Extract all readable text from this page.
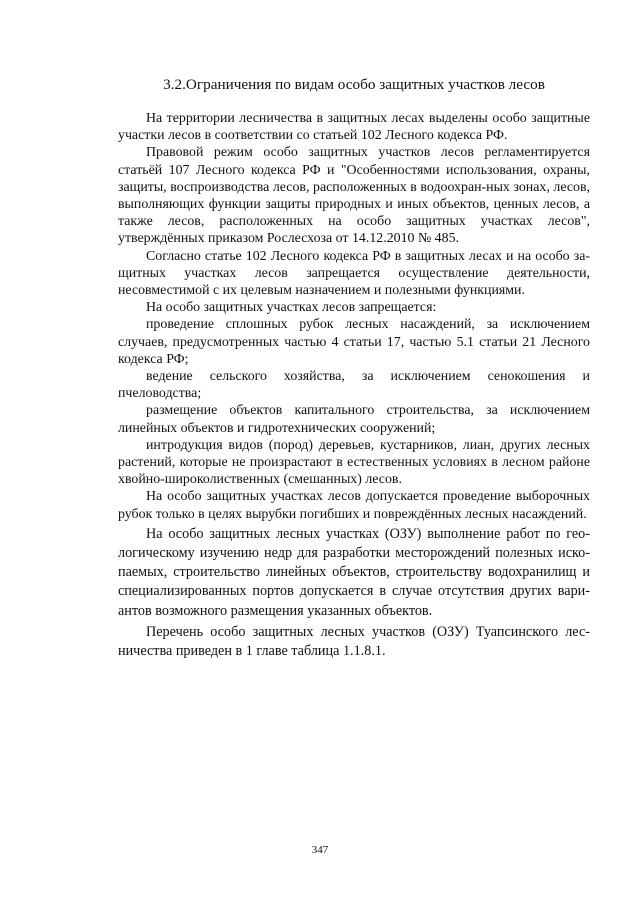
3.2.Ограничения по видам особо защитных участков лесов

На территории лесничества в защитных лесах выделены особо защитные участки лесов в соответствии со статьей 102 Лесного кодекса РФ.

Правовой режим особо защитных участков лесов регламентируется статьёй 107 Лесного кодекса РФ и "Особенностями использования, охраны, защиты, воспроизводства лесов, расположенных в водоохран-ных зонах, лесов, выполняющих функции защиты природных и иных объектов, ценных лесов, а также лесов, расположенных на особо защитных участках лесов", утверждённых приказом Рослесхоза от 14.12.2010 № 485.

Согласно статье 102 Лесного кодекса РФ в защитных лесах и на особо защитных участках лесов запрещается осуществление деятельности, несовместимой с их целевым назначением и полезными функциями.

На особо защитных участках лесов запрещается:

проведение сплошных рубок лесных насаждений, за исключением случаев, предусмотренных частью 4 статьи 17, частью 5.1 статьи 21 Лесного кодекса РФ;

ведение сельского хозяйства, за исключением сенокошения и пчеловодства;

размещение объектов капитального строительства, за исключением линейных объектов и гидротехнических сооружений;

интродукция видов (пород) деревьев, кустарников, лиан, других лесных растений, которые не произрастают в естественных условиях в лесном районе хвойно-широколиственных (смешанных) лесов.

На особо защитных участках лесов допускается проведение выборочных рубок только в целях вырубки погибших и повреждённых лесных насаждений.

На особо защитных лесных участках (ОЗУ) выполнение работ по геологическому изучению недр для разработки месторождений полезных ископаемых, строительство линейных объектов, строительству водохранилищ и специализированных портов допускается в случае отсутствия других вариантов возможного размещения указанных объектов.

Перечень особо защитных лесных участков (ОЗУ) Туапсинского лесничества приведен в 1 главе таблица 1.1.8.1.

347
